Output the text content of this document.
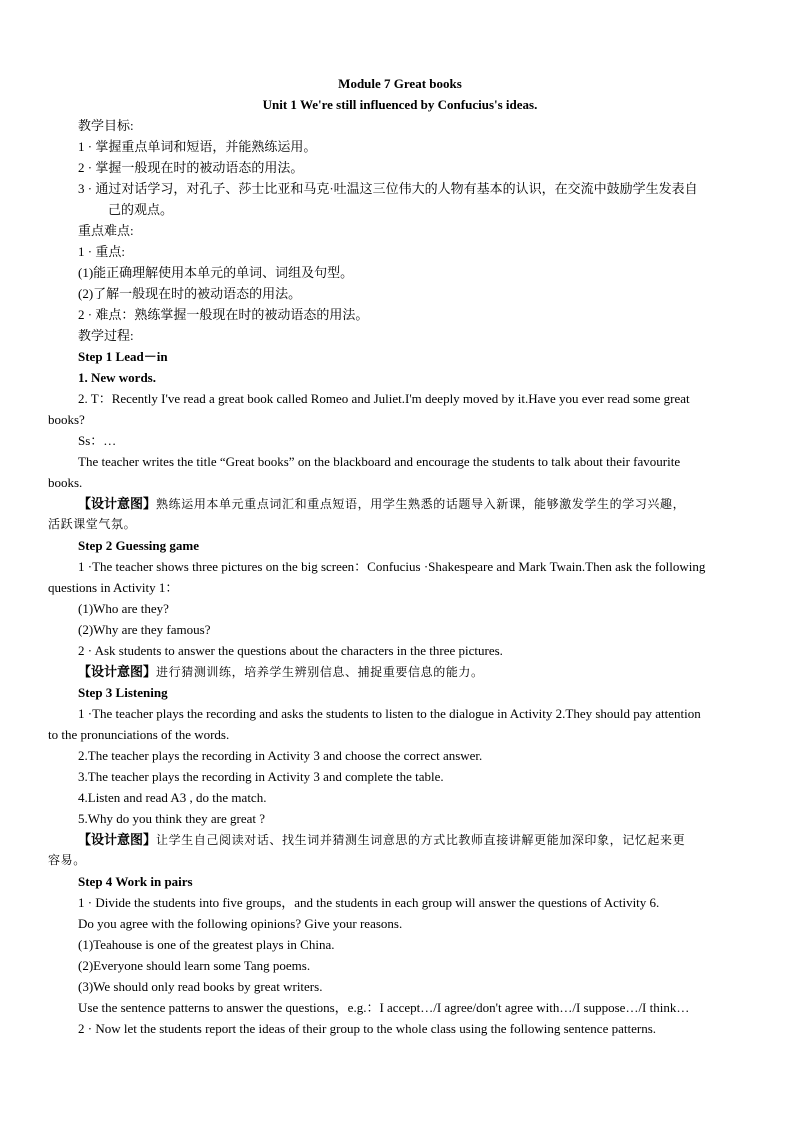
Module 7 Great books
Unit 1 We're still influenced by Confucius's ideas.
教学目标:
1 · 掌握重点单词和短语，并能熟练运用。
2 · 掌握一般现在时的被动语态的用法。
3 · 通过对话学习，对孔子、莎士比亚和马克·吐温这三位伟大的人物有基本的认识，在交流中鼓励学生发表自
己的观点。
重点难点:
1 · 重点:
(1)能正确理解使用本单元的单词、词组及句型。
(2)了解一般现在时的被动语态的用法。
2 · 难点：熟练掌握一般现在时的被动语态的用法。
教学过程:
Step 1 Lead－in
1. New words.
2. T：Recently I've read a great book called Romeo and Juliet.I'm deeply moved by it.Have you ever read some great
books?
Ss：…
The teacher writes the title “Great books” on the blackboard and encourage the students to talk about their favourite
books.
【设计意图】熟练运用本单元重点词汇和重点短语，用学生熟悉的话题导入新课，能够激发学生的学习兴趣，
活跃课堂气氛。
Step 2 Guessing game
1 ·The teacher shows three pictures on the big screen：Confucius ·Shakespeare and Mark Twain.Then ask the following
questions in Activity 1：
(1)Who are they?
(2)Why are they famous?
2 · Ask students to answer the questions about the characters in the three pictures.
【设计意图】进行猜测训练，培养学生辨别信息、捕捉重要信息的能力。
Step 3 Listening
1 ·The teacher plays the recording and asks the students to listen to the dialogue in Activity 2.They should pay attention
to the pronunciations of the words.
2.The teacher plays the recording in Activity 3 and choose the correct answer.
3.The teacher plays the recording in Activity 3 and complete the table.
4.Listen and read A3 , do the match.
5.Why do you think they are great ?
【设计意图】让学生自己阅读对话、找生词并猜测生词意思的方式比教师直接讲解更能加深印象，记忆起来更
容易。
Step 4 Work in pairs
1 · Divide the students into five groups，and the students in each group will answer the questions of Activity 6.
Do you agree with the following opinions? Give your reasons.
(1)Teahouse is one of the greatest plays in China.
(2)Everyone should learn some Tang poems.
(3)We should only read books by great writers.
Use the sentence patterns to answer the questions，e.g.：I accept…/I agree/don't agree with…/I suppose…/I think…
2 · Now let the students report the ideas of their group to the whole class using the following sentence patterns.
